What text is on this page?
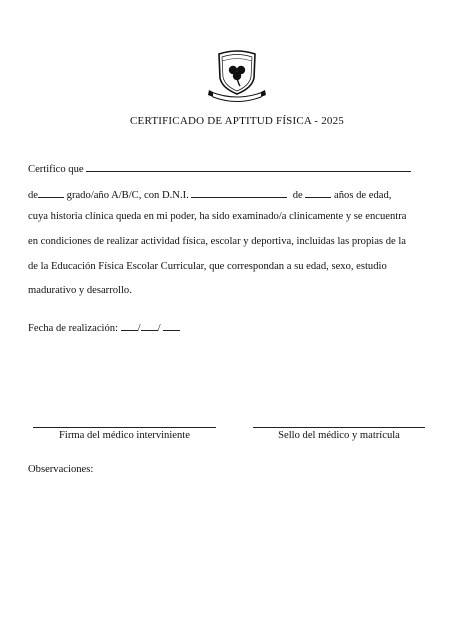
CERTIFICADO DE APTITUD FÍSICA - 2025
Certifico que
de	grado/año A/B/C, con D.N.I.	de	años de edad,
cuya historia clínica queda en mi poder, ha sido examinado/a clínicamente y se encuentra
en condiciones de realizar actividad física, escolar y deportiva, incluidas las propias de la
de la Educación Física Escolar Curricular, que correspondan a su edad, sexo, estudio
madurativo y desarrollo.
Fecha de realización: / /
Firma del médico interviniente	Sello del médico y matrícula
Observaciones:
